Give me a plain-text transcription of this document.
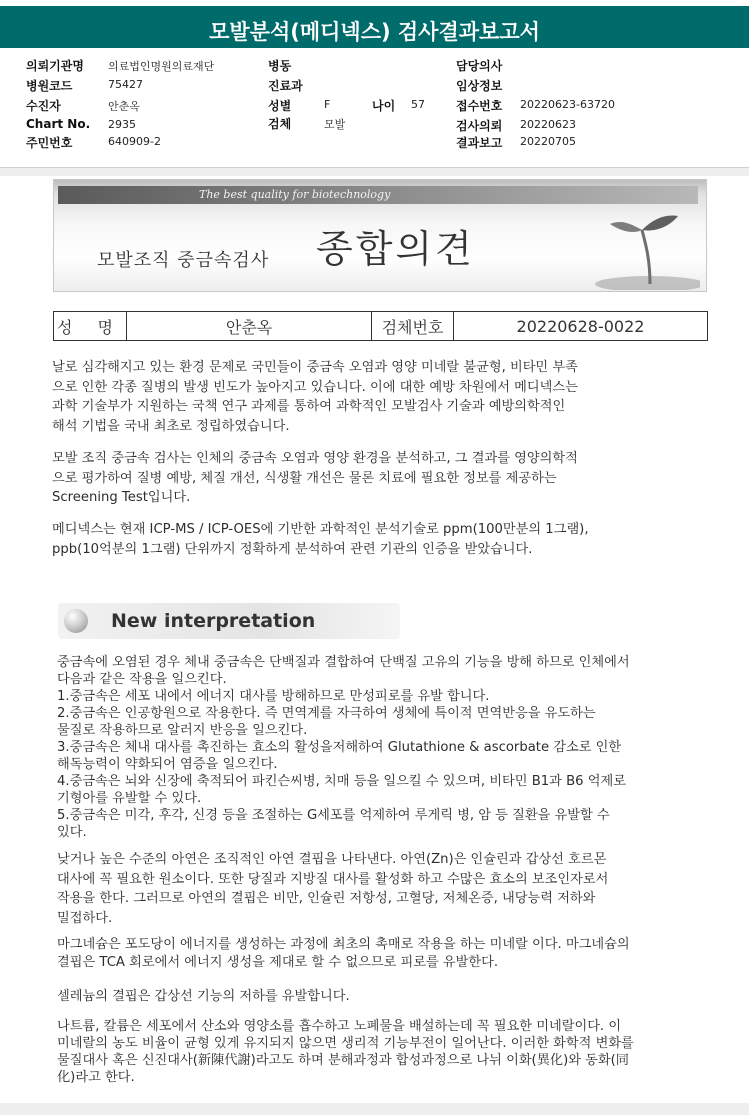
모발분석(메디넥스) 검사결과보고서
의뢰기관명 의료법인명원의료재단
병원코드	75427
수진자	안춘옥
Chart No. 2935
주민번호	640909-2
병동
진료과
성별	F	나이 57
검체	모발
담당의사
임상정보
접수번호 20220623-63720
검사의뢰 20220623
결과보고 20220705
The best quality for biotechnology
모발조직 중금속검사 종합의견
성 명	안춘옥	검체번호	20220628-0022
날로 심각해지고 있는 환경 문제로 국민들이 중금속 오염과 영양 미네랄 불균형, 비타민 부족
으로 인한 각종 질병의 발생 빈도가 높아지고 있습니다. 이에 대한 예방 차원에서 메디넥스는
과학 기술부가 지원하는 국책 연구 과제를 통하여 과학적인 모발검사 기술과 예방의학적인
해석 기법을 국내 최초로 정립하였습니다.
모발 조직 중금속 검사는 인체의 중금속 오염과 영양 환경을 분석하고, 그 결과를 영양의학적
으로 평가하여 질병 예방, 체질 개선, 식생활 개선은 물론 치료에 필요한 정보를 제공하는
Screening Test입니다.
메디넥스는 현재 ICP-MS / ICP-OES에 기반한 과학적인 분석기술로 ppm(100만분의 1그램),
ppb(10억분의 1그램) 단위까지 정확하게 분석하여 관련 기관의 인증을 받았습니다.
New interpretation
중금속에 오염된 경우 체내 중금속은 단백질과 결합하여 단백질 고유의 기능을 방해 하므로 인체에서
다음과 같은 작용을 일으킨다.
1.중금속은 세포 내에서 에너지 대사를 방해하므로 만성피로를 유발 합니다.
2.중금속은 인공항원으로 작용한다. 즉 면역계를 자극하여 생체에 특이적 면역반응을 유도하는
물질로 작용하므로 알러지 반응을 일으킨다.
3.중금속은 체내 대사를 촉진하는 효소의 활성을저해하여 Glutathione & ascorbate 감소로 인한
해독능력이 약화되어 염증을 일으킨다.
4.중금속은 뇌와 신장에 축적되어 파킨슨씨병, 치매 등을 일으킬 수 있으며, 비타민 B1과 B6 억제로
기형아를 유발할 수 있다.
5.중금속은 미각, 후각, 신경 등을 조절하는 G세포를 억제하여 루게릭 병, 암 등 질환을 유발할 수
있다.
낮거나 높은 수준의 아연은 조직적인 아연 결핍을 나타낸다. 아연(Zn)은 인슐린과 갑상선 호르몬
대사에 꼭 필요한 원소이다. 또한 당질과 지방질 대사를 활성화 하고 수많은 효소의 보조인자로서
작용을 한다. 그러므로 아연의 결핍은 비만, 인슐린 저항성, 고혈당, 저체온증, 내당능력 저하와
밀접하다.
마그네슘은 포도당이 에너지를 생성하는 과정에 최초의 촉매로 작용을 하는 미네랄 이다. 마그네슘의
결핍은 TCA 회로에서 에너지 생성을 제대로 할 수 없으므로 피로를 유발한다.
셀레늄의 결핍은 갑상선 기능의 저하를 유발합니다.
나트륨, 칼륨은 세포에서 산소와 영양소를 흡수하고 노폐물을 배설하는데 꼭 필요한 미네랄이다. 이
미네랄의 농도 비율이 균형 있게 유지되지 않으면 생리적 기능부전이 일어난다. 이러한 화학적 변화를
물질대사 혹은 신진대사(新陳代謝)라고도 하며 분해과정과 합성과정으로 나뉘 이화(異化)와 동화(同
化)라고 한다.
